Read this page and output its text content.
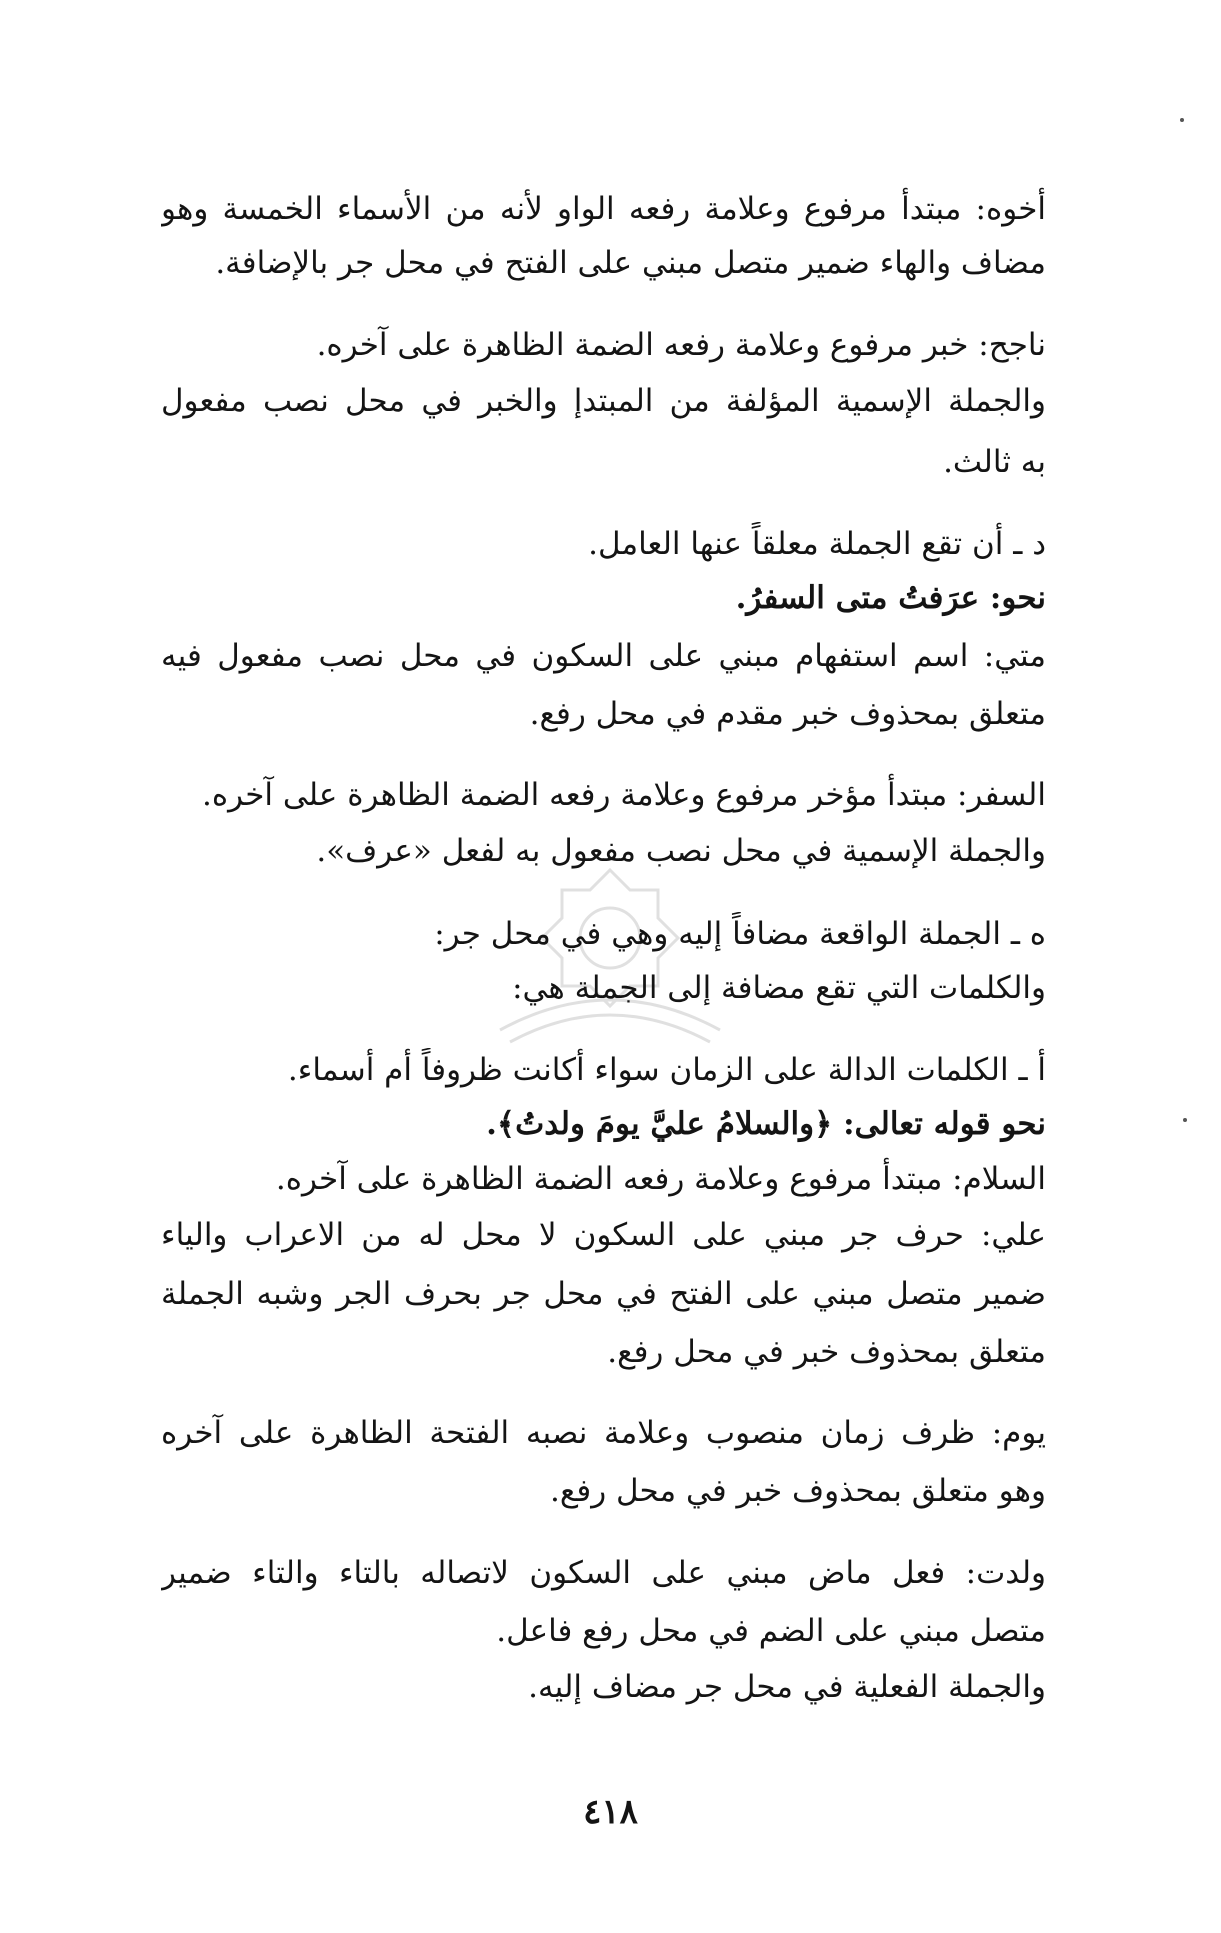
أخوه: مبتدأ مرفوع وعلامة رفعه الواو لأنه من الأسماء الخمسة وهو
مضاف والهاء ضمير متصل مبني على الفتح في محل جر بالإضافة.
ناجح: خبر مرفوع وعلامة رفعه الضمة الظاهرة على آخره.
والجملة الإسمية المؤلفة من المبتدإ والخبر في محل نصب مفعول
به ثالث.
د ـ أن تقع الجملة معلقاً عنها العامل.
نحو: عرَفتُ متى السفرُ.
متي: اسم استفهام مبني على السكون في محل نصب مفعول فيه
متعلق بمحذوف خبر مقدم في محل رفع.
السفر: مبتدأ مؤخر مرفوع وعلامة رفعه الضمة الظاهرة على آخره.
والجملة الإسمية في محل نصب مفعول به لفعل «عرف».
ه ـ الجملة الواقعة مضافاً إليه وهي في محل جر:
والكلمات التي تقع مضافة إلى الجملة هي:
أ ـ الكلمات الدالة على الزمان سواء أكانت ظروفاً أم أسماء.
نحو قوله تعالى: ﴿والسلامُ عليَّ يومَ ولدتُ﴾.
السلام: مبتدأ مرفوع وعلامة رفعه الضمة الظاهرة على آخره.
علي: حرف جر مبني على السكون لا محل له من الاعراب والياء
ضمير متصل مبني على الفتح في محل جر بحرف الجر وشبه الجملة
متعلق بمحذوف خبر في محل رفع.
يوم: ظرف زمان منصوب وعلامة نصبه الفتحة الظاهرة على آخره
وهو متعلق بمحذوف خبر في محل رفع.
ولدت: فعل ماض مبني على السكون لاتصاله بالتاء والتاء ضمير
متصل مبني على الضم في محل رفع فاعل.
والجملة الفعلية في محل جر مضاف إليه.
٤١٨
